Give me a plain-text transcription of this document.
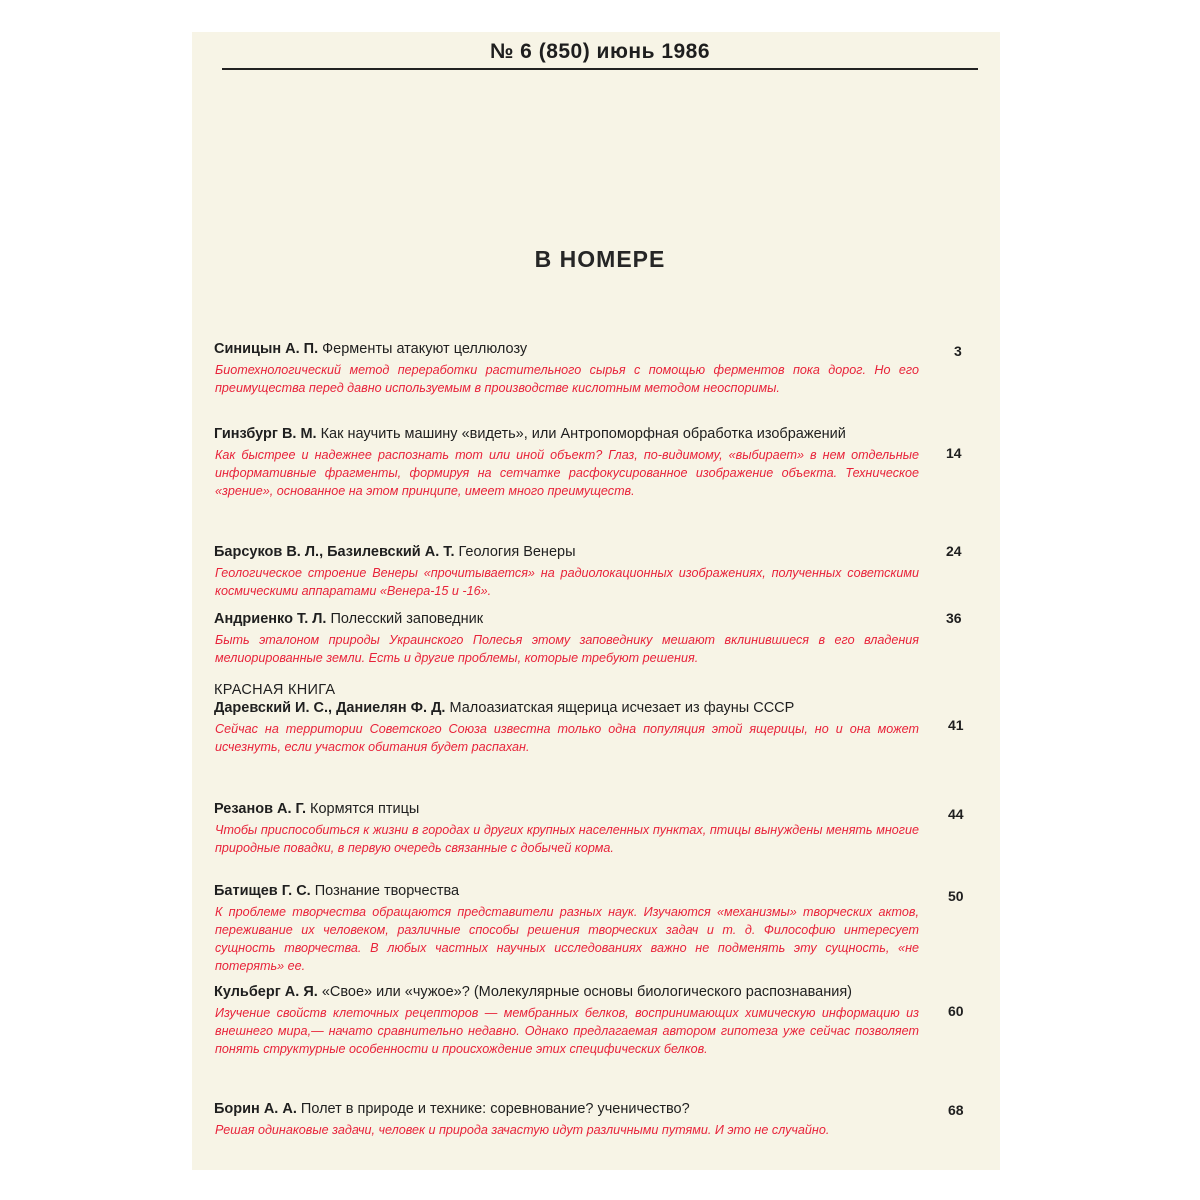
№ 6 (850) июнь 1986
В НОМЕРЕ
Синицын А. П. Ферменты атакуют целлюлозу
Биотехнологический метод переработки растительного сырья с помощью ферментов пока дорог. Но его преимущества перед давно используемым в производстве кислотным методом неоспоримы.
Гинзбург В. М. Как научить машину «видеть», или Антропоморфная обработка изображений
Как быстрее и надежнее распознать тот или иной объект? Глаз, по-видимому, «выбирает» в нем отдельные информативные фрагменты, формируя на сетчатке расфокусированное изображение объекта. Техническое «зрение», основанное на этом принципе, имеет много преимуществ.
Барсуков В. Л., Базилевский А. Т. Геология Венеры
Геологическое строение Венеры «прочитывается» на радиолокационных изображениях, полученных советскими космическими аппаратами «Венера-15 и -16».
Андриенко Т. Л. Полесский заповедник
Быть эталоном природы Украинского Полесья этому заповеднику мешают вклинившиеся в его владения мелиорированные земли. Есть и другие проблемы, которые требуют решения.
КРАСНАЯ КНИГА
Даревский И. С., Даниелян Ф. Д. Малоазиатская ящерица исчезает из фауны СССР
Сейчас на территории Советского Союза известна только одна популяция этой ящерицы, но и она может исчезнуть, если участок обитания будет распахан.
Резанов А. Г. Кормятся птицы
Чтобы приспособиться к жизни в городах и других крупных населенных пунктах, птицы вынуждены менять многие природные повадки, в первую очередь связанные с добычей корма.
Батищев Г. С. Познание творчества
К проблеме творчества обращаются представители разных наук. Изучаются «механизмы» творческих актов, переживание их человеком, различные способы решения творческих задач и т. д. Философию интересует сущность творчества. В любых частных научных исследованиях важно не подменять эту сущность, «не потерять» ее.
Кульберг А. Я. «Свое» или «чужое»? (Молекулярные основы биологического распознавания)
Изучение свойств клеточных рецепторов — мембранных белков, воспринимающих химическую информацию из внешнего мира,— начато сравнительно недавно. Однако предлагаемая автором гипотеза уже сейчас позволяет понять структурные особенности и происхождение этих специфических белков.
Борин А. А. Полет в природе и технике: соревнование? ученичество?
Решая одинаковые задачи, человек и природа зачастую идут различными путями. И это не случайно.
